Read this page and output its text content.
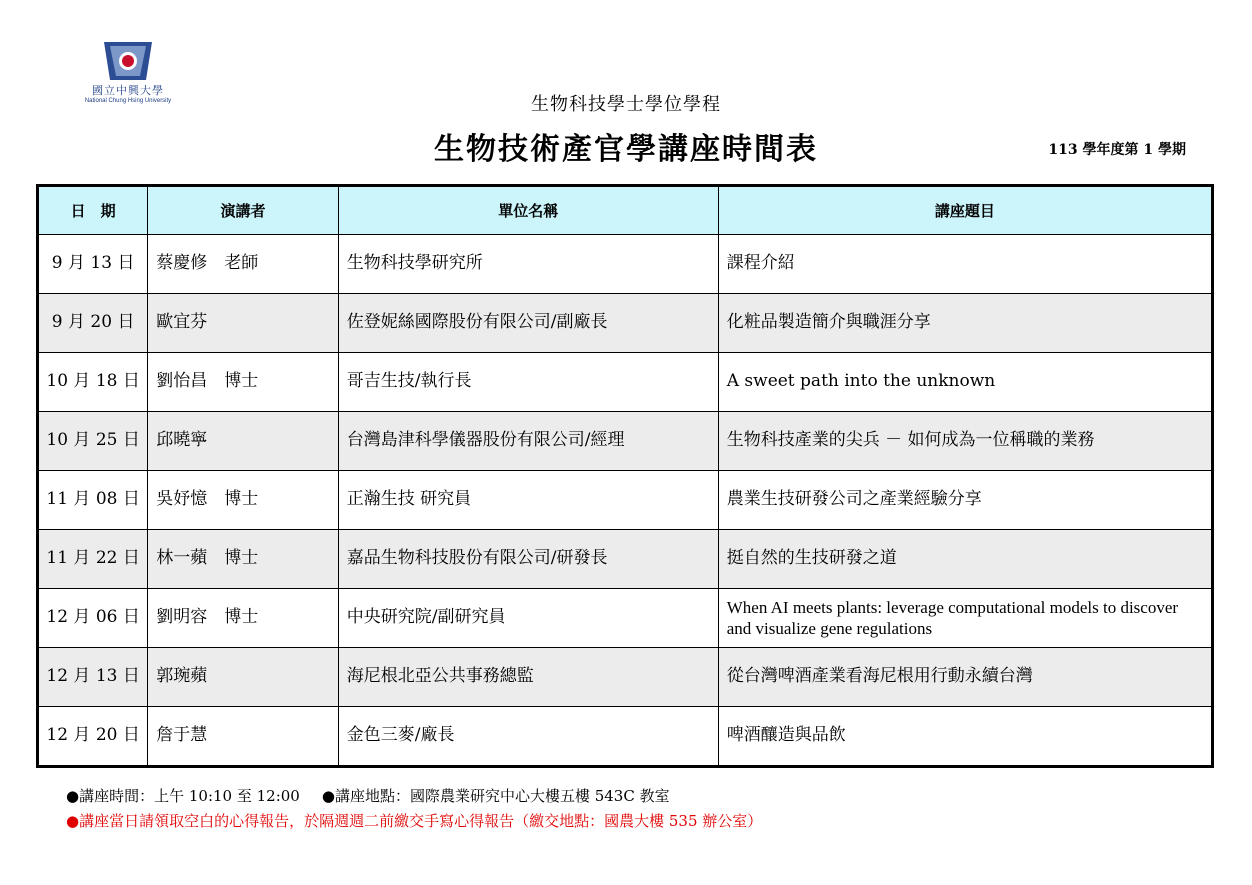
國立中興大學
National Chung Hsing University	生物科技學士學位學程
生物技術產官學講座時間表	113 學年度第 1 學期
日　期	演講者	單位名稱	講座題目
9 月 13 日	蔡慶修　老師	生物科技學研究所	課程介紹
9 月 20 日	歐宜芬	佐登妮絲國際股份有限公司/副廠長	化粧品製造簡介與職涯分享
10 月 18 日	劉怡昌　博士	哥吉生技/執行長	A sweet path into the unknown
10 月 25 日	邱曉寧	台灣島津科學儀器股份有限公司/經理	生物科技產業的尖兵 － 如何成為一位稱職的業務
11 月 08 日	吳妤憶　博士	正瀚生技 研究員	農業生技研發公司之產業經驗分享
11 月 22 日	林一蘋　博士	嘉品生物科技股份有限公司/研發長	挺自然的生技研發之道
12 月 06 日	劉明容　博士	中央研究院/副研究員	When AI meets plants: leverage computational models to discover and visualize gene regulations
12 月 13 日	郭琬蘋	海尼根北亞公共事務總監	從台灣啤酒產業看海尼根用行動永續台灣
12 月 20 日	詹于慧	金色三麥/廠長	啤酒釀造與品飲
●講座時間：上午 10:10 至 12:00 ●講座地點：國際農業研究中心大樓五樓 543C 教室
●講座當日請領取空白的心得報告，於隔週週二前繳交手寫心得報告（繳交地點：國農大樓 535 辦公室）
